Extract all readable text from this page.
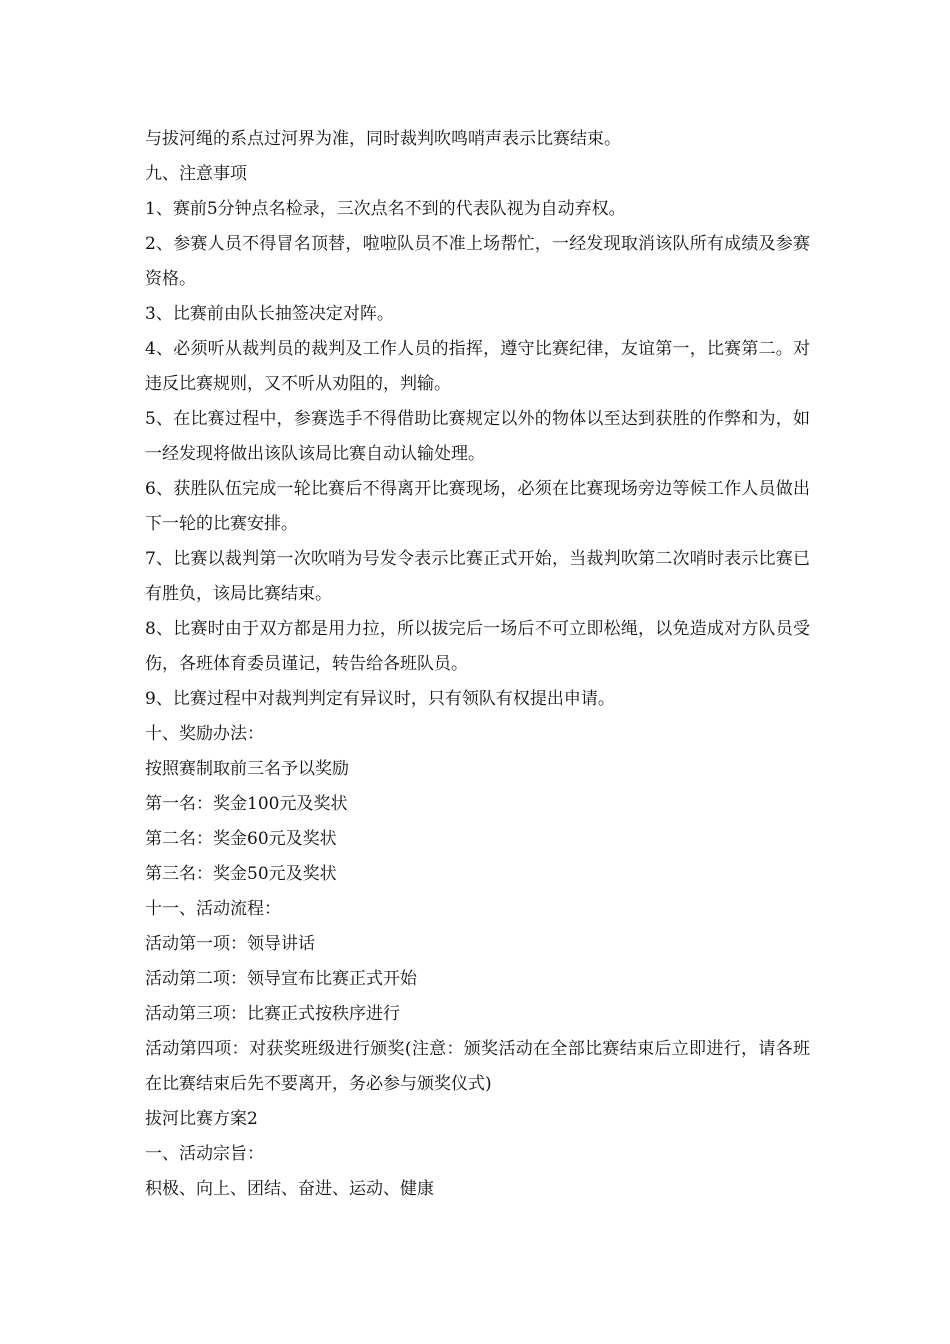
与拔河绳的系点过河界为准，同时裁判吹鸣哨声表示比赛结束。

九、注意事项

1、赛前5分钟点名检录，三次点名不到的代表队视为自动弃权。

2、参赛人员不得冒名顶替，啦啦队员不准上场帮忙，一经发现取消该队所有成绩及参赛资格。

3、比赛前由队长抽签决定对阵。

4、必须听从裁判员的裁判及工作人员的指挥，遵守比赛纪律，友谊第一，比赛第二。对违反比赛规则，又不听从劝阻的，判输。

5、在比赛过程中，参赛选手不得借助比赛规定以外的物体以至达到获胜的作弊和为，如一经发现将做出该队该局比赛自动认输处理。

6、获胜队伍完成一轮比赛后不得离开比赛现场，必须在比赛现场旁边等候工作人员做出下一轮的比赛安排。

7、比赛以裁判第一次吹哨为号发令表示比赛正式开始，当裁判吹第二次哨时表示比赛已有胜负，该局比赛结束。

8、比赛时由于双方都是用力拉，所以拔完后一场后不可立即松绳，以免造成对方队员受伤，各班体育委员谨记，转告给各班队员。

9、比赛过程中对裁判判定有异议时，只有领队有权提出申请。

十、奖励办法：

按照赛制取前三名予以奖励

第一名：奖金100元及奖状

第二名：奖金60元及奖状

第三名：奖金50元及奖状

十一、活动流程：

活动第一项：领导讲话

活动第二项：领导宣布比赛正式开始

活动第三项：比赛正式按秩序进行

活动第四项：对获奖班级进行颁奖(注意：颁奖活动在全部比赛结束后立即进行，请各班在比赛结束后先不要离开，务必参与颁奖仪式)

拔河比赛方案2

一、活动宗旨：

积极、向上、团结、奋进、运动、健康
